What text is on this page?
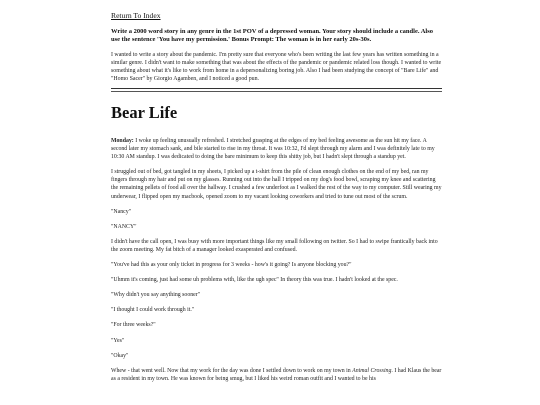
Return To Index
Write a 2000 word story in any genre in the 1st POV of a depressed woman. Your story should include a candle. Also use the sentence 'You have my permission.' Bonus Prompt: The woman is in her early 20s-30s.
I wanted to write a story about the pandemic. I'm pretty sure that everyone who's been writing the last few years has written something in a similar genre. I didn't want to make something that was about the effects of the pandemic or pandemic related loss though. I wanted to write something about what it's like to work from home in a depersonalizing boring job. Also I had been studying the concept of "Bare Life" and "Homo Sacer" by Giorgio Agamben, and I noticed a good pun.
Bear Life

Monday: I woke up feeling unusually refreshed. I stretched grasping at the edges of my bed feeling awesome as the sun hit my face. A second later my stomach sank, and bile started to rise in my throat. It was 10:32, I'd slept through my alarm and I was definitely late to my 10:30 AM standup. I was dedicated to doing the bare minimum to keep this shitty job, but I hadn't slept through a standup yet.

I struggled out of bed, got tangled in my sheets, I picked up a t-shirt from the pile of clean enough clothes on the end of my bed, ran my fingers through my hair and put on my glasses. Running out into the hall I tripped on my dog's food bowl, scraping my knee and scattering the remaining pellets of food all over the hallway. I crushed a few underfoot as I walked the rest of the way to my computer. Still wearing my underwear, I flipped open my macbook, opened zoom to my vacant looking coworkers and tried to tune out most of the scrum.

"Nancy"

"NANCY"

I didn't have the call open, I was busy with more important things like my small following on twitter. So I had to swipe frantically back into the zoom meeting. My fat bitch of a manager looked exasperated and confused.

"You've had this as your only ticket in progress for 3 weeks - how's it going? Is anyone blocking you?"

"Uhmm it's coming, just had some uh problems with, like the ugh spec" In theory this was true. I hadn't looked at the spec.

"Why didn't you say anything sooner"

"I thought I could work through it."

"For three weeks?"

"Yes"

"Okay"

Whew - that went well. Now that my work for the day was done I settled down to work on my town in Animal Crossing. I had Klaus the bear as a resident in my town. He was known for being smug, but I liked his weird roman outfit and I wanted to be his
